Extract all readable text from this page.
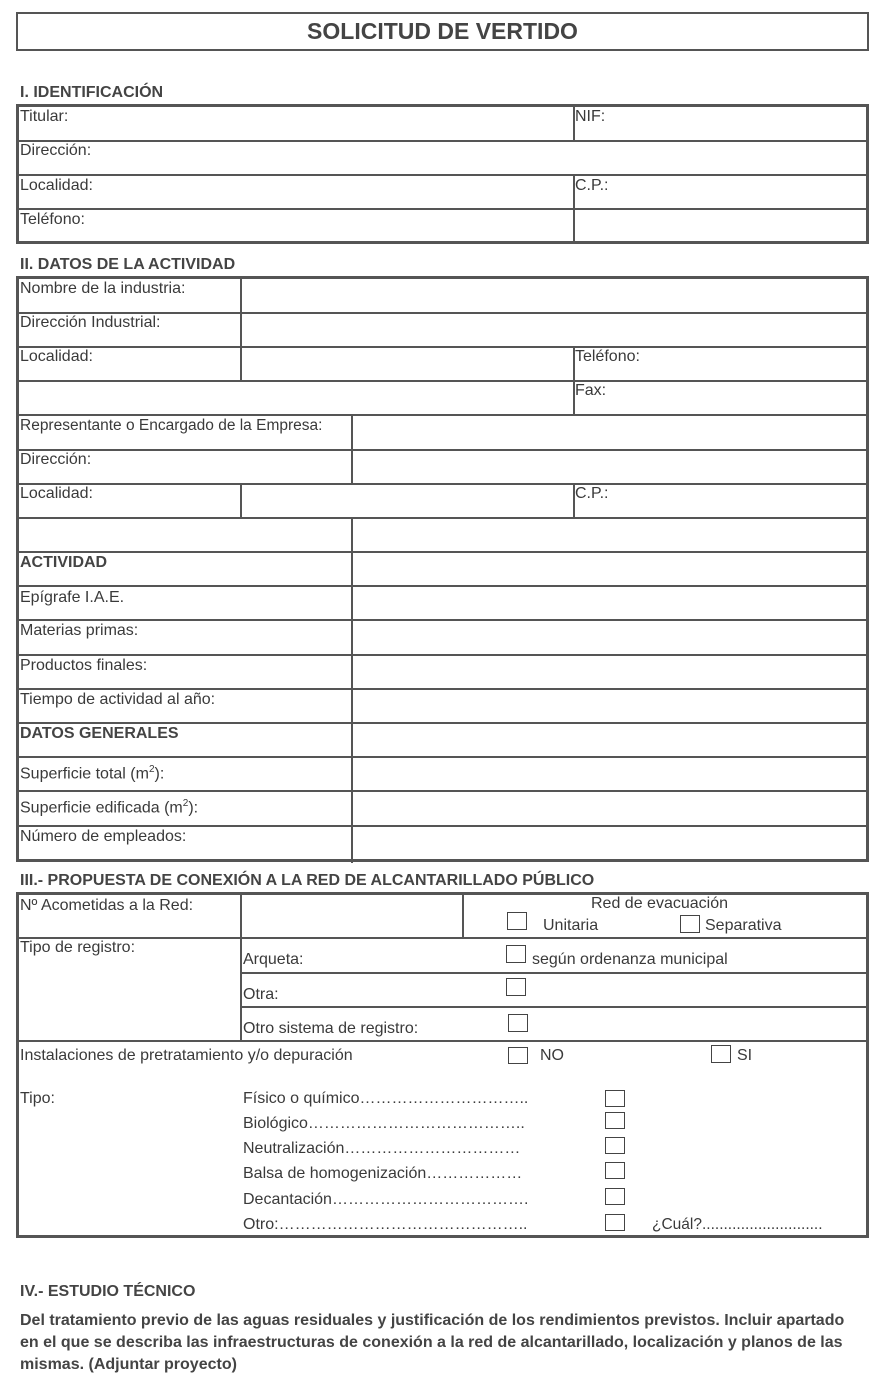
SOLICITUD DE VERTIDO
I. IDENTIFICACIÓN
Titular:	NIF:
Dirección:
Localidad:	C.P.:
Teléfono:
II. DATOS DE LA ACTIVIDAD
Nombre de la industria:
Dirección Industrial:
Localidad:	Teléfono:
Fax:
Representante o Encargado de la Empresa:
Dirección:
Localidad:	C.P.:
ACTIVIDAD
Epígrafe I.A.E.
Materias primas:
Productos finales:
Tiempo de actividad al año:
DATOS GENERALES
Superficie total $(m^2)$:
Superficie edificada $(m^2)$:
Número de empleados:
III.- PROPUESTA DE CONEXIÓN A LA RED DE ALCANTARILLADO PÚBLICO
Nº Acometidas a la Red:	Red de evacuación
Unitaria	Separativa
Tipo de registro:
Arqueta:	según ordenanza municipal
Otra:
Otro sistema de registro:
Instalaciones de pretratamiento y/o depuración	NO	SI
Tipo:	Físico o químico…………………………..
Biológico…………………………………..
Neutralización……………………………
Balsa de homogenización………………
Decantación……………………………….
Otro:………………………………………..	¿Cuál?............................
IV.- ESTUDIO TÉCNICO
Del tratamiento previo de las aguas residuales y justificación de los rendimientos previstos. Incluir apartado en el que se describa las infraestructuras de conexión a la red de alcantarillado, localización y planos de las mismas. (Adjuntar proyecto)
